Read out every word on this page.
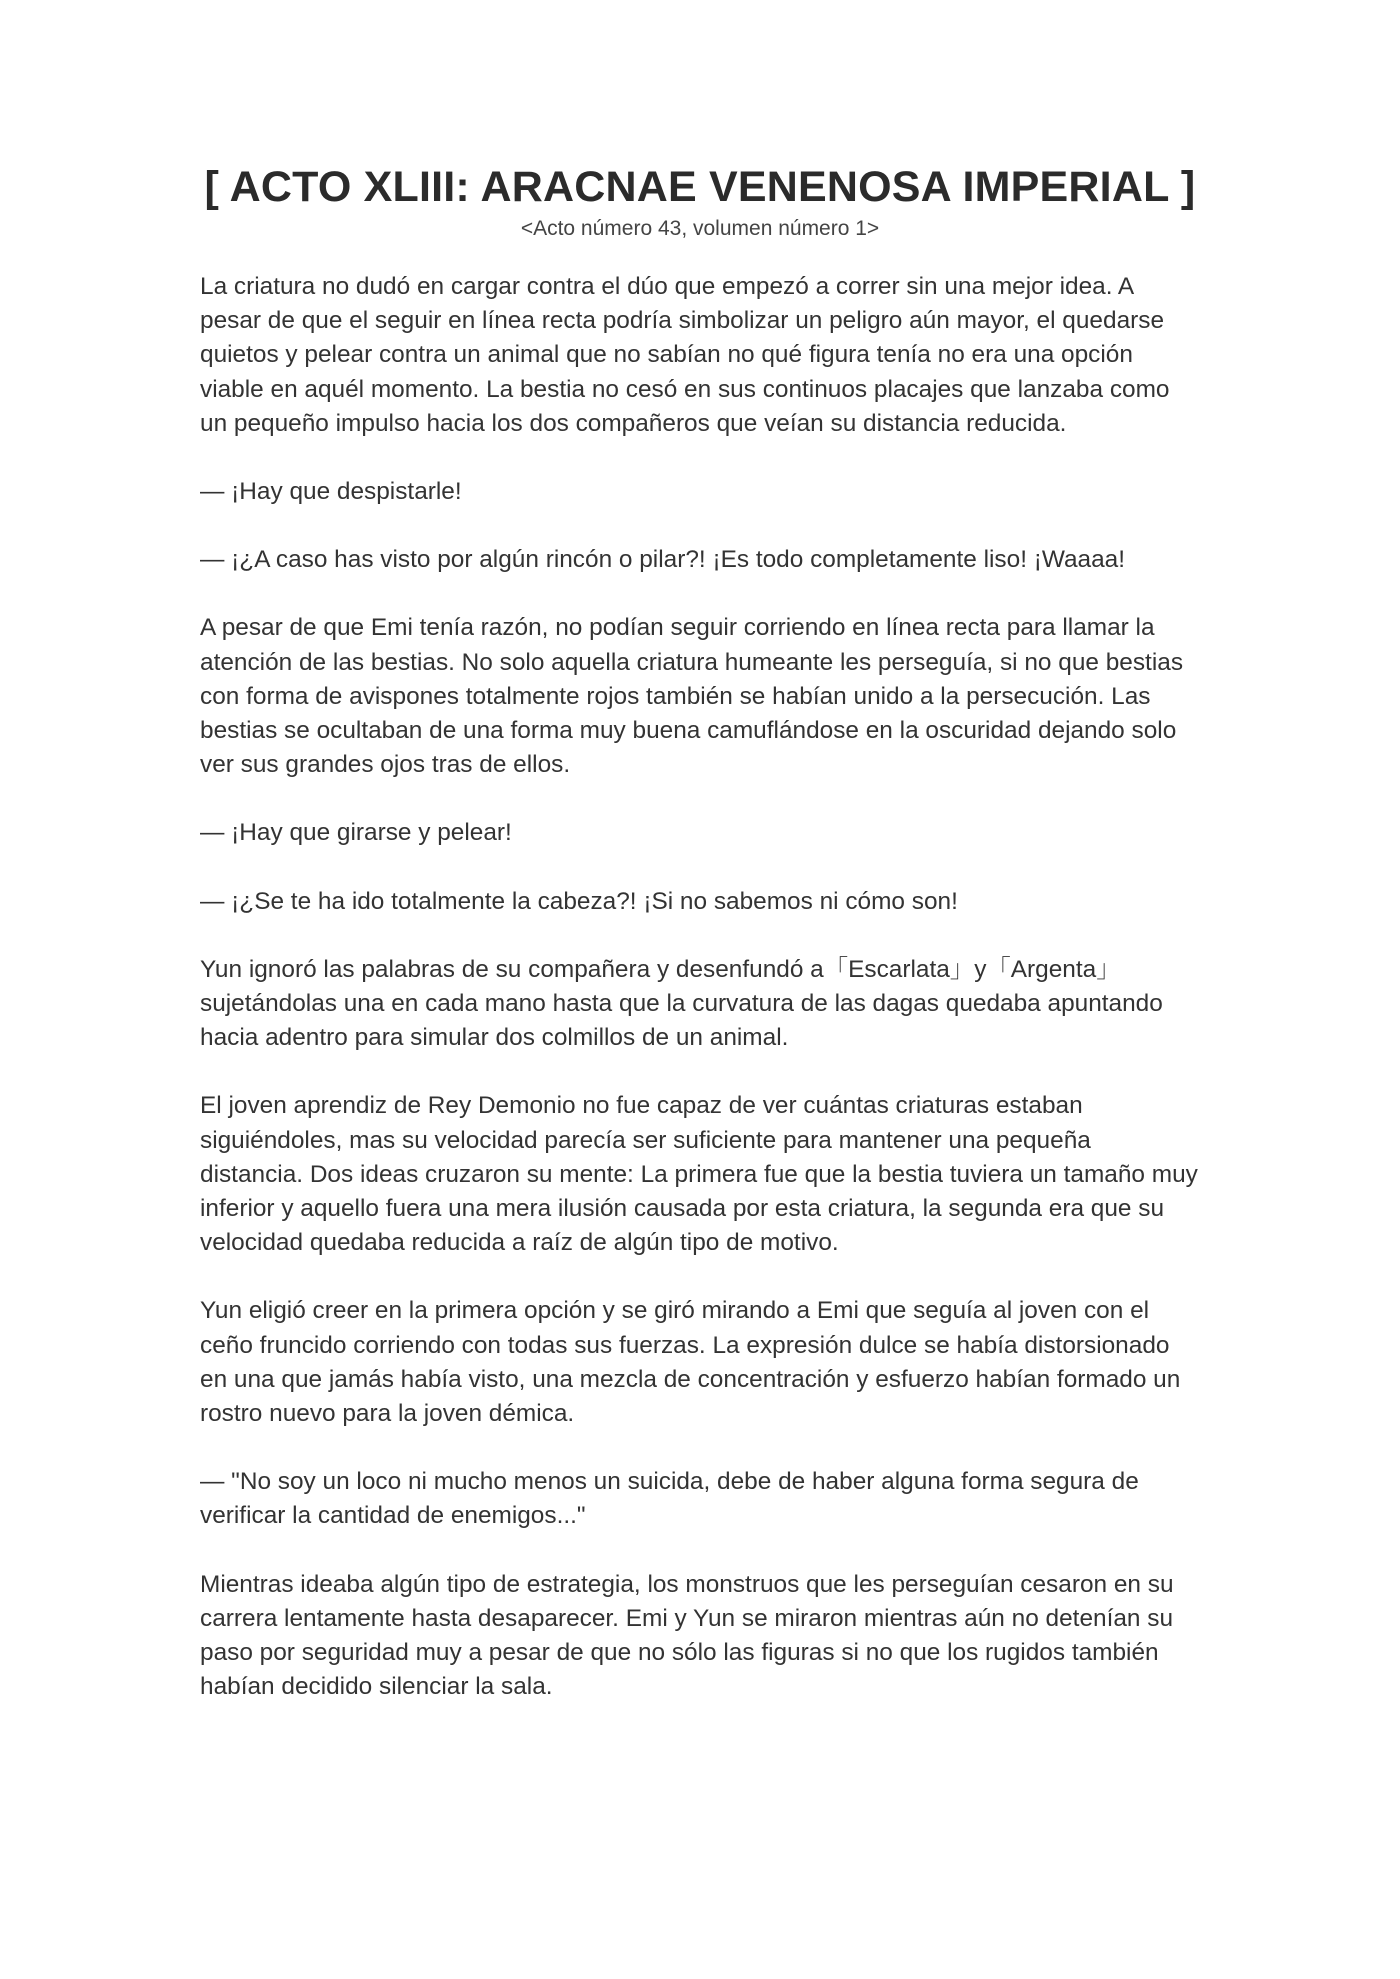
[ ACTO XLIII: ARACNAE VENENOSA IMPERIAL ]

<Acto número 43, volumen número 1>

La criatura no dudó en cargar contra el dúo que empezó a correr sin una mejor idea. A pesar de que el seguir en línea recta podría simbolizar un peligro aún mayor, el quedarse quietos y pelear contra un animal que no sabían no qué figura tenía no era una opción viable en aquél momento. La bestia no cesó en sus continuos placajes que lanzaba como un pequeño impulso hacia los dos compañeros que veían su distancia reducida.

— ¡Hay que despistarle!

— ¡¿A caso has visto por algún rincón o pilar?! ¡Es todo completamente liso! ¡Waaaa!

A pesar de que Emi tenía razón, no podían seguir corriendo en línea recta para llamar la atención de las bestias. No solo aquella criatura humeante les perseguía, si no que bestias con forma de avispones totalmente rojos también se habían unido a la persecución. Las bestias se ocultaban de una forma muy buena camuflándose en la oscuridad dejando solo ver sus grandes ojos tras de ellos.

— ¡Hay que girarse y pelear!

— ¡¿Se te ha ido totalmente la cabeza?! ¡Si no sabemos ni cómo son!

Yun ignoró las palabras de su compañera y desenfundó a「Escarlata」y「Argenta」sujetándolas una en cada mano hasta que la curvatura de las dagas quedaba apuntando hacia adentro para simular dos colmillos de un animal.

El joven aprendiz de Rey Demonio no fue capaz de ver cuántas criaturas estaban siguiéndoles, mas su velocidad parecía ser suficiente para mantener una pequeña distancia. Dos ideas cruzaron su mente: La primera fue que la bestia tuviera un tamaño muy inferior y aquello fuera una mera ilusión causada por esta criatura, la segunda era que su velocidad quedaba reducida a raíz de algún tipo de motivo.

Yun eligió creer en la primera opción y se giró mirando a Emi que seguía al joven con el ceño fruncido corriendo con todas sus fuerzas. La expresión dulce se había distorsionado en una que jamás había visto, una mezcla de concentración y esfuerzo habían formado un rostro nuevo para la joven démica.

— "No soy un loco ni mucho menos un suicida, debe de haber alguna forma segura de verificar la cantidad de enemigos..."

Mientras ideaba algún tipo de estrategia, los monstruos que les perseguían cesaron en su carrera lentamente hasta desaparecer. Emi y Yun se miraron mientras aún no detenían su paso por seguridad muy a pesar de que no sólo las figuras si no que los rugidos también habían decidido silenciar la sala.
